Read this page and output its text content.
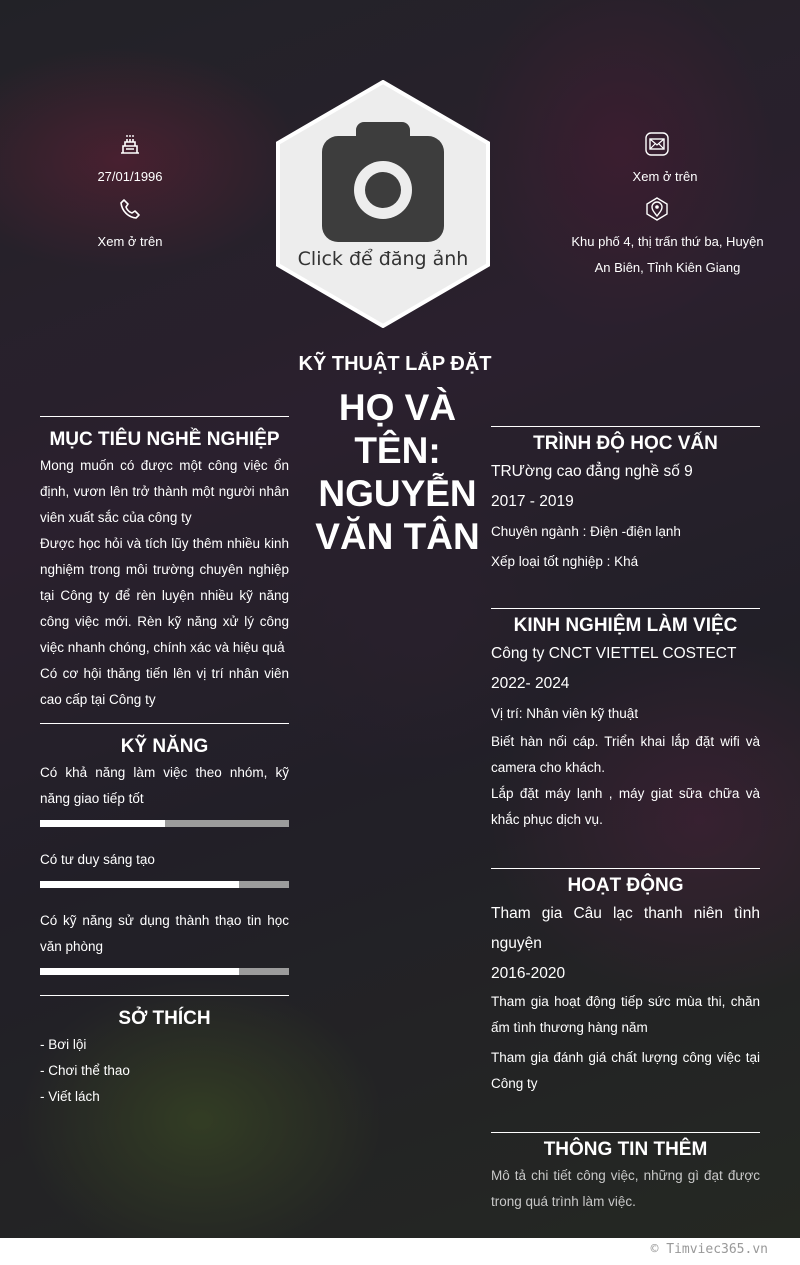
27/01/1996
Xem ở trên
Xem ở trên
Khu phố 4, thị trấn thứ ba, Huyện
An Biên, Tỉnh Kiên Giang
Click để đăng ảnh
KỸ THUẬT LẮP ĐẶT
HỌ VÀ
TÊN:
NGUYỄN
VĂN TÂN
MỤC TIÊU NGHỀ NGHIỆP
Mong muốn có được một công việc ổn định, vươn lên trở thành một người nhân viên xuất sắc của công ty
Được học hỏi và tích lũy thêm nhiều kinh nghiệm trong môi trường chuyên nghiệp tại Công ty để rèn luyện nhiều kỹ năng công việc mới. Rèn kỹ năng xử lý công việc nhanh chóng, chính xác và hiệu quả
Có cơ hội thăng tiến lên vị trí nhân viên cao cấp tại Công ty
KỸ NĂNG
Có khả năng làm việc theo nhóm, kỹ năng giao tiếp tốt
Có tư duy sáng tạo
Có kỹ năng sử dụng thành thạo tin học văn phòng
SỞ THÍCH
- Bơi lội
- Chơi thể thao
- Viết lách
TRÌNH ĐỘ HỌC VẤN
TRƯờng cao đẳng nghề số 9
2017 - 2019
Chuyên ngành : Điện -điện lạnh
Xếp loại tốt nghiệp : Khá
KINH NGHIỆM LÀM VIỆC
Công ty CNCT VIETTEL COSTECT
2022- 2024
Vị trí: Nhân viên kỹ thuật
Biết hàn nối cáp. Triển khai lắp đặt wifi và camera cho khách.
Lắp đặt máy lạnh , máy giat sữa chữa và khắc phục dịch vụ.
HOẠT ĐỘNG
Tham gia Câu lạc thanh niên tình nguyện
2016-2020
Tham gia hoạt động tiếp sức mùa thi, chăn ấm tình thương hàng năm
Tham gia đánh giá chất lượng công việc tại Công ty
THÔNG TIN THÊM
Mô tả chi tiết công việc, những gì đạt được trong quá trình làm việc.
© Timviec365.vn
